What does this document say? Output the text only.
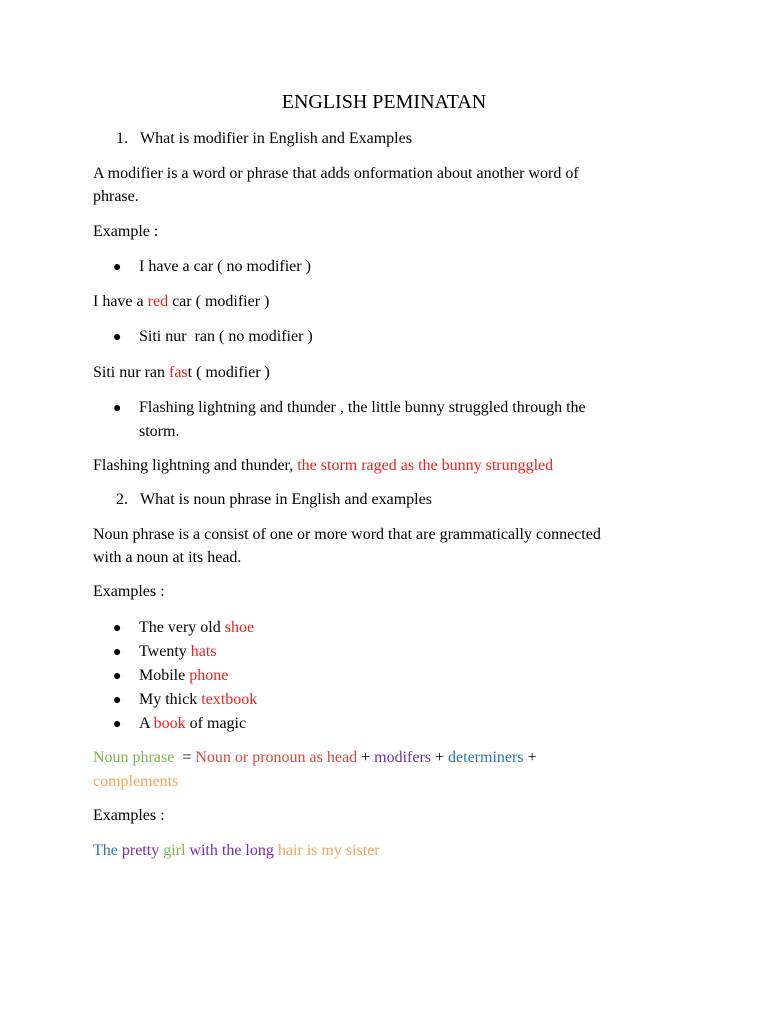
ENGLISH PEMINATAN
1. What is modifier in English and Examples
A modifier is a word or phrase that adds onformation about another word of
phrase.
Example :
● I have a car ( no modifier )
I have a red car ( modifier )
● Siti nur  ran ( no modifier )
Siti nur ran fast ( modifier )
● Flashing lightning and thunder , the little bunny struggled through the
storm.
Flashing lightning and thunder, the storm raged as the bunny strunggled
2. What is noun phrase in English and examples
Noun phrase is a consist of one or more word that are grammatically connected
with a noun at its head.
Examples :
● The very old shoe
● Twenty hats
● Mobile phone
● My thick textbook
● A book of magic
Noun phrase  = Noun or pronoun as head + modifers + determiners +
complements
Examples :
The pretty girl with the long hair is my sister
